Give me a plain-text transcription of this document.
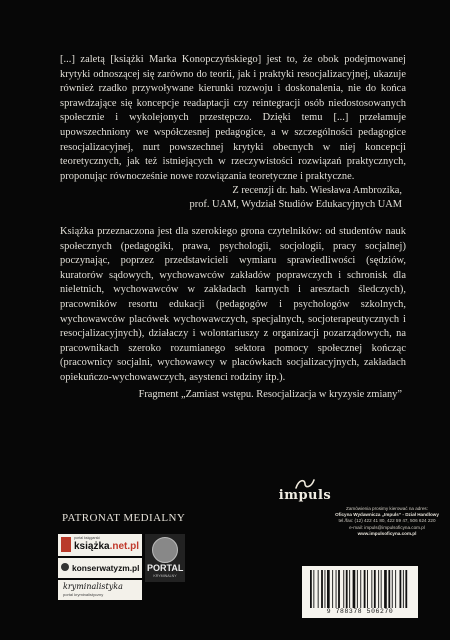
[...] zaletą [książki Marka Konopczyńskiego] jest to, że obok podejmowanej krytyki odnoszącej się zarówno do teorii, jak i praktyki resocjalizacyjnej, ukazuje również rzadko przywoływane kierunki rozwoju i doskonalenia, nie do końca sprawdzające się koncepcje readaptacji czy reintegracji osób niedostosowanych społecznie i wykolejonych przestępczo. Dzięki temu [...] przełamuje upowszechniony we współczesnej pedagogice, a w szczególności pedagogice resocjalizacyjnej, nurt powszechnej krytyki obecnych w niej koncepcji teoretycznych, jak też istniejących w rzeczywistości rozwiązań praktycznych, proponując równocześnie nowe rozwiązania teoretyczne i praktyczne.

Z recenzji dr. hab. Wiesława Ambrozika,
prof. UAM, Wydział Studiów Edukacyjnych UAM

Książka przeznaczona jest dla szerokiego grona czytelników: od studentów nauk społecznych (pedagogiki, prawa, psychologii, socjologii, pracy socjalnej) poczynając, poprzez przedstawicieli wymiaru sprawiedliwości (sędziów, kuratorów sądowych, wychowawców zakładów poprawczych i schronisk dla nieletnich, wychowawców w zakładach karnych i aresztach śledczych), pracowników resortu edukacji (pedagogów i psychologów szkolnych, wychowawców placówek wychowawczych, specjalnych, socjoterapeutycznych i resocjalizacyjnych), działaczy i wolontariuszy z organizacji pozarządowych, na pracownikach szeroko rozumianego sektora pomocy społecznej kończąc (pracownicy socjalni, wychowawcy w placówkach socjalizacyjnych, zakładach opiekuńczo-wychowawczych, asystenci rodziny itp.).

Fragment „Zamiast wstępu. Resocjalizacja w kryzysie zmiany”
impuls
Zamówienia prosimy kierować na adres:
Oficyna Wydawnicza „Impuls” - Dział Handlowy
tel./fax: (12) 422 41 80, 422 59 47, 506 624 220
e-mail: impuls@impulsoficyna.com.pl
www.impulsoficyna.com.pl

PATRONAT MEDIALNY

portal księgarski
książka.net.pl
konserwatyzm.pl
kryminalistyka
portal kryminalistyczny
PORTAL
KRYMINALNY
9 788378 506270
